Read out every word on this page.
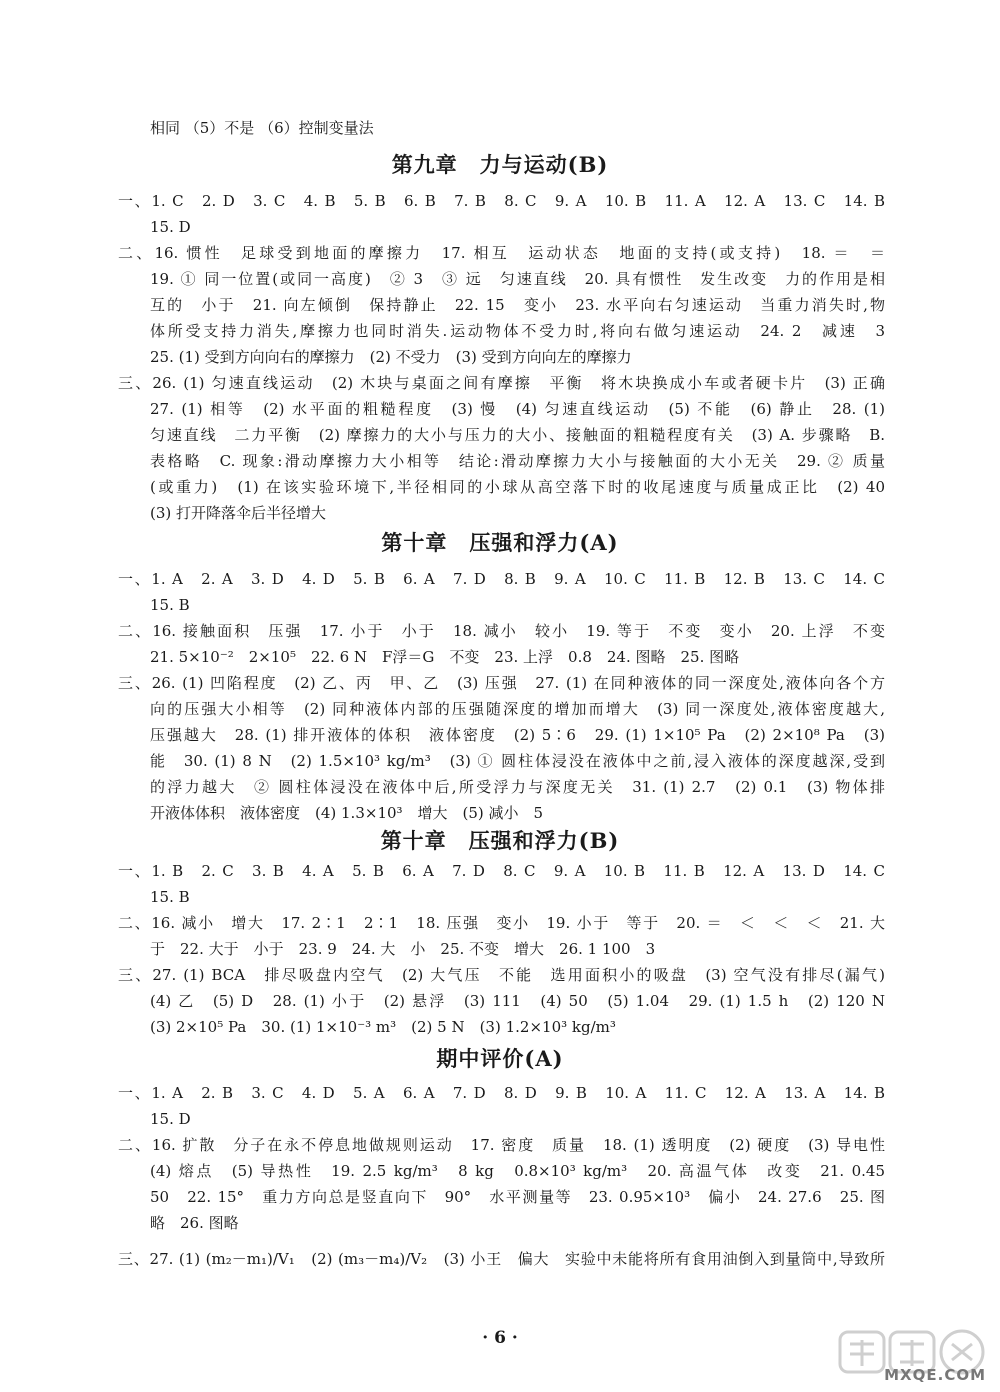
相同 （5）不是 （6）控制变量法
第九章　力与运动(B)
一、1. C　2. D　3. C　4. B　5. B　6. B　7. B　8. C　9. A　10. B　11. A　12. A　13. C　14. B
15. D
二、16. 惯性　足球受到地面的摩擦力　17. 相互　运动状态　地面的支持(或支持)　18. ＝　＝
19. ① 同一位置(或同一高度)　② 3　③ 远　匀速直线　20. 具有惯性　发生改变　力的作用是相
互的　小于　21. 向左倾倒　保持静止　22. 15　变小　23. 水平向右匀速运动　当重力消失时,物
体所受支持力消失,摩擦力也同时消失.运动物体不受力时,将向右做匀速运动　24. 2　减速　3
25. (1) 受到方向向右的摩擦力　(2) 不受力　(3) 受到方向向左的摩擦力
三、26. (1) 匀速直线运动　(2) 木块与桌面之间有摩擦　平衡　将木块换成小车或者硬卡片　(3) 正确
27. (1) 相等　(2) 水平面的粗糙程度　(3) 慢　(4) 匀速直线运动　(5) 不能　(6) 静止　28. (1)
匀速直线　二力平衡　(2) 摩擦力的大小与压力的大小、接触面的粗糙程度有关　(3) A. 步骤略　B.
表格略　C. 现象:滑动摩擦力大小相等　结论:滑动摩擦力大小与接触面的大小无关　29. ② 质量
(或重力)　(1) 在该实验环境下,半径相同的小球从高空落下时的收尾速度与质量成正比　(2) 40
(3) 打开降落伞后半径增大
第十章　压强和浮力(A)
一、1. A　2. A　3. D　4. D　5. B　6. A　7. D　8. B　9. A　10. C　11. B　12. B　13. C　14. C
15. B
二、16. 接触面积　压强　17. 小于　小于　18. 减小　较小　19. 等于　不变　变小　20. 上浮　不变
21. 5×10⁻²　2×10⁵　22. 6 N　F浮＝G　不变　23. 上浮　0.8　24. 图略　25. 图略
三、26. (1) 凹陷程度　(2) 乙、丙　甲、乙　(3) 压强　27. (1) 在同种液体的同一深度处,液体向各个方
向的压强大小相等　(2) 同种液体内部的压强随深度的增加而增大　(3) 同一深度处,液体密度越大,
压强越大　28. (1) 排开液体的体积　液体密度　(2) 5∶6　29. (1) 1×10⁵ Pa　(2) 2×10⁸ Pa　(3)
能　30. (1) 8 N　(2) 1.5×10³ kg/m³　(3) ① 圆柱体浸没在液体中之前,浸入液体的深度越深,受到
的浮力越大　② 圆柱体浸没在液体中后,所受浮力与深度无关　31. (1) 2.7　(2) 0.1　(3) 物体排
开液体体积　液体密度　(4) 1.3×10³　增大　(5) 减小　5
第十章　压强和浮力(B)
一、1. B　2. C　3. B　4. A　5. B　6. A　7. D　8. C　9. A　10. B　11. B　12. A　13. D　14. C
15. B
二、16. 减小　增大　17. 2∶1　2∶1　18. 压强　变小　19. 小于　等于　20. ＝　＜　＜　＜　21. 大
于　22. 大于　小于　23. 9　24. 大　小　25. 不变　增大　26. 1 100　3
三、27. (1) BCA　排尽吸盘内空气　(2) 大气压　不能　选用面积小的吸盘　(3) 空气没有排尽(漏气)
(4) 乙　(5) D　28. (1) 小于　(2) 悬浮　(3) 111　(4) 50　(5) 1.04　29. (1) 1.5 h　(2) 120 N
(3) 2×10⁵ Pa　30. (1) 1×10⁻³ m³　(2) 5 N　(3) 1.2×10³ kg/m³
期中评价(A)
一、1. A　2. B　3. C　4. D　5. A　6. A　7. D　8. D　9. B　10. A　11. C　12. A　13. A　14. B
15. D
二、16. 扩散　分子在永不停息地做规则运动　17. 密度　质量　18. (1) 透明度　(2) 硬度　(3) 导电性
(4) 熔点　(5) 导热性　19. 2.5 kg/m³　8 kg　0.8×10³ kg/m³　20. 高温气体　改变　21. 0.45
50　22. 15°　重力方向总是竖直向下　90°　水平测量等　23. 0.95×10³　偏小　24. 27.6　25. 图
略　26. 图略
三、27. (1) (m₂－m₁)/V₁　(2) (m₃－m₄)/V₂　(3) 小王　偏大　实验中未能将所有食用油倒入到量筒中,导致所
· 6 ·
MXQE.COM
